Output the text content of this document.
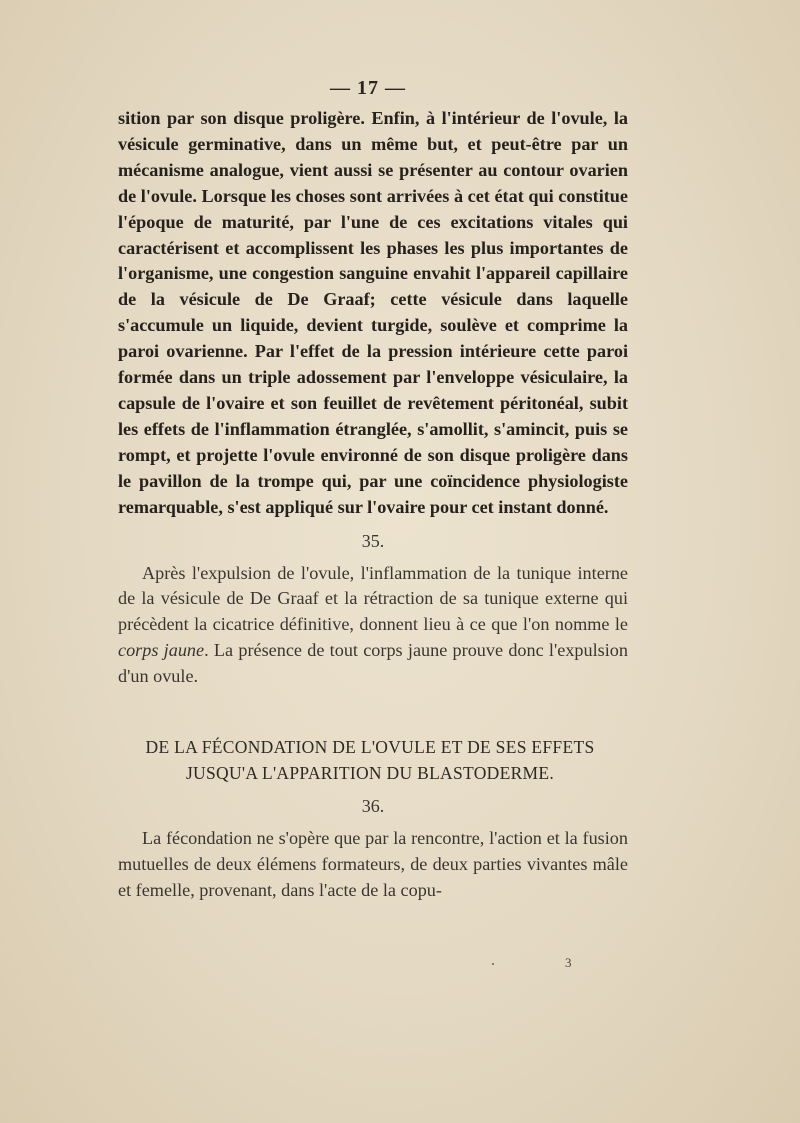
— 17 —

sition par son disque proligère. Enfin, à l'intérieur de l'ovule, la vésicule germinative, dans un même but, et peut-être par un mécanisme analogue, vient aussi se présenter au contour ovarien de l'ovule. Lorsque les choses sont arrivées à cet état qui constitue l'époque de maturité, par l'une de ces excitations vitales qui caractérisent et accomplissent les phases les plus importantes de l'organisme, une congestion sanguine envahit l'appareil capillaire de la vésicule de De Graaf; cette vésicule dans laquelle s'accumule un liquide, devient turgide, soulève et comprime la paroi ovarienne. Par l'effet de la pression intérieure cette paroi formée dans un triple adossement par l'enveloppe vésiculaire, la capsule de l'ovaire et son feuillet de revêtement péritonéal, subit les effets de l'inflammation étranglée, s'amollit, s'amincit, puis se rompt, et projette l'ovule environné de son disque proligère dans le pavillon de la trompe qui, par une coïncidence physiologiste remarquable, s'est appliqué sur l'ovaire pour cet instant donné.

35.

Après l'expulsion de l'ovule, l'inflammation de la tunique interne de la vésicule de De Graaf et la rétraction de sa tunique externe qui précèdent la cicatrice définitive, donnent lieu à ce que l'on nomme le corps jaune. La présence de tout corps jaune prouve donc l'expulsion d'un ovule.

DE LA FÉCONDATION DE L'OVULE ET DE SES EFFETS

JUSQU'A L'APPARITION DU BLASTODERME.

36.

La fécondation ne s'opère que par la rencontre, l'action et la fusion mutuelles de deux élémens formateurs, de deux parties vivantes mâle et femelle, provenant, dans l'acte de la copu-

3
